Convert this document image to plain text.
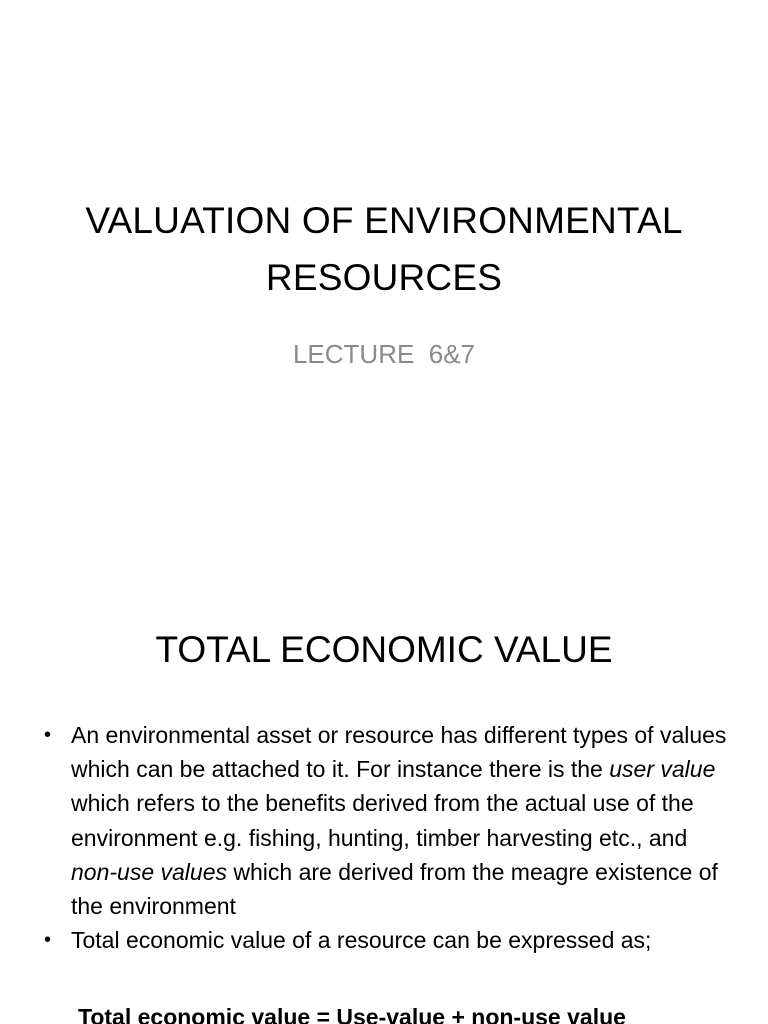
VALUATION OF ENVIRONMENTAL
RESOURCES
LECTURE  6&7
TOTAL ECONOMIC VALUE
• An environmental asset or resource has different types of values which can be attached to it. For instance there is the user value which refers to the benefits derived from the actual use of the environment e.g. fishing, hunting, timber harvesting etc., and non-use values which are derived from the meagre existence of the environment
• Total economic value of a resource can be expressed as;
Total economic value = Use-value + non-use value
